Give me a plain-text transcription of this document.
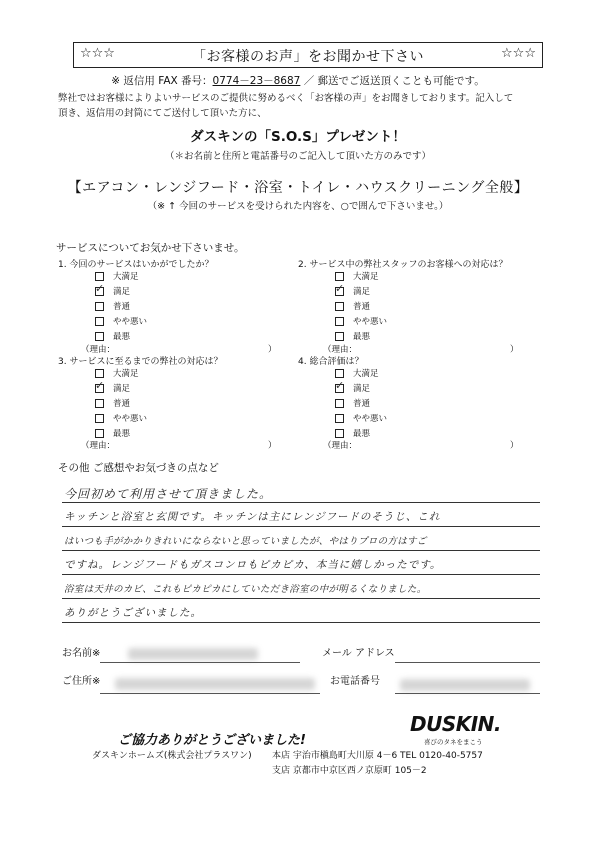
☆☆☆	「お客様のお声」をお聞かせ下さい	☆☆☆
※ 返信用 FAX 番号：0774－23－8687 ／ 郵送でご返送頂くことも可能です。
弊社ではお客様によりよいサービスのご提供に努めるべく「お客様の声」をお聞きしております。記入して
頂き、返信用の封筒にてご送付して頂いた方に、
ダスキンの「S.O.S」プレゼント！
（＊お名前と住所と電話番号のご記入して頂いた方のみです）
【エアコン・レンジフード・浴室・トイレ・ハウスクリーニング全般】
（※ ↑ 今回のサービスを受けられた内容を、○で囲んで下さいませ。）
サービスについてお気かせ下さいませ。
1. 今回のサービスはいかがでしたか？
大満足
✓
満足
普通
やや悪い
最悪
（理由：	）
2. サービス中の弊社スタッフのお客様への対応は？
大満足
✓
満足
普通
やや悪い
最悪
（理由：	）
3. サービスに至るまでの弊社の対応は？
大満足
✓
満足
普通
やや悪い
最悪
（理由：	）
4. 総合評価は？
大満足
✓
満足
普通
やや悪い
最悪
（理由：	）
その他 ご感想やお気づきの点など
今回初めて利用させて頂きました。
キッチンと浴室と玄関です。キッチンは主にレンジフードのそうじ、これ
はいつも手がかかりきれいにならないと思っていましたが、やはりプロの方はすご
ですね。レンジフードもガスコンロもピカピカ、本当に嬉しかったです。
浴室は天井のカビ、これもピカピカにしていただき浴室の中が明るくなりました。
ありがとうございました。
お名前※	メール アドレス
ご住所※	お電話番号
ご協力ありがとうございました!
DUSKIN.
喜びのタネをまこう
ダスキンホームズ(株式会社プラスワン) 本店 宇治市槇島町大川原 4－6 TEL 0120-40-5757
支店 京都市中京区西ノ京原町 105－2
